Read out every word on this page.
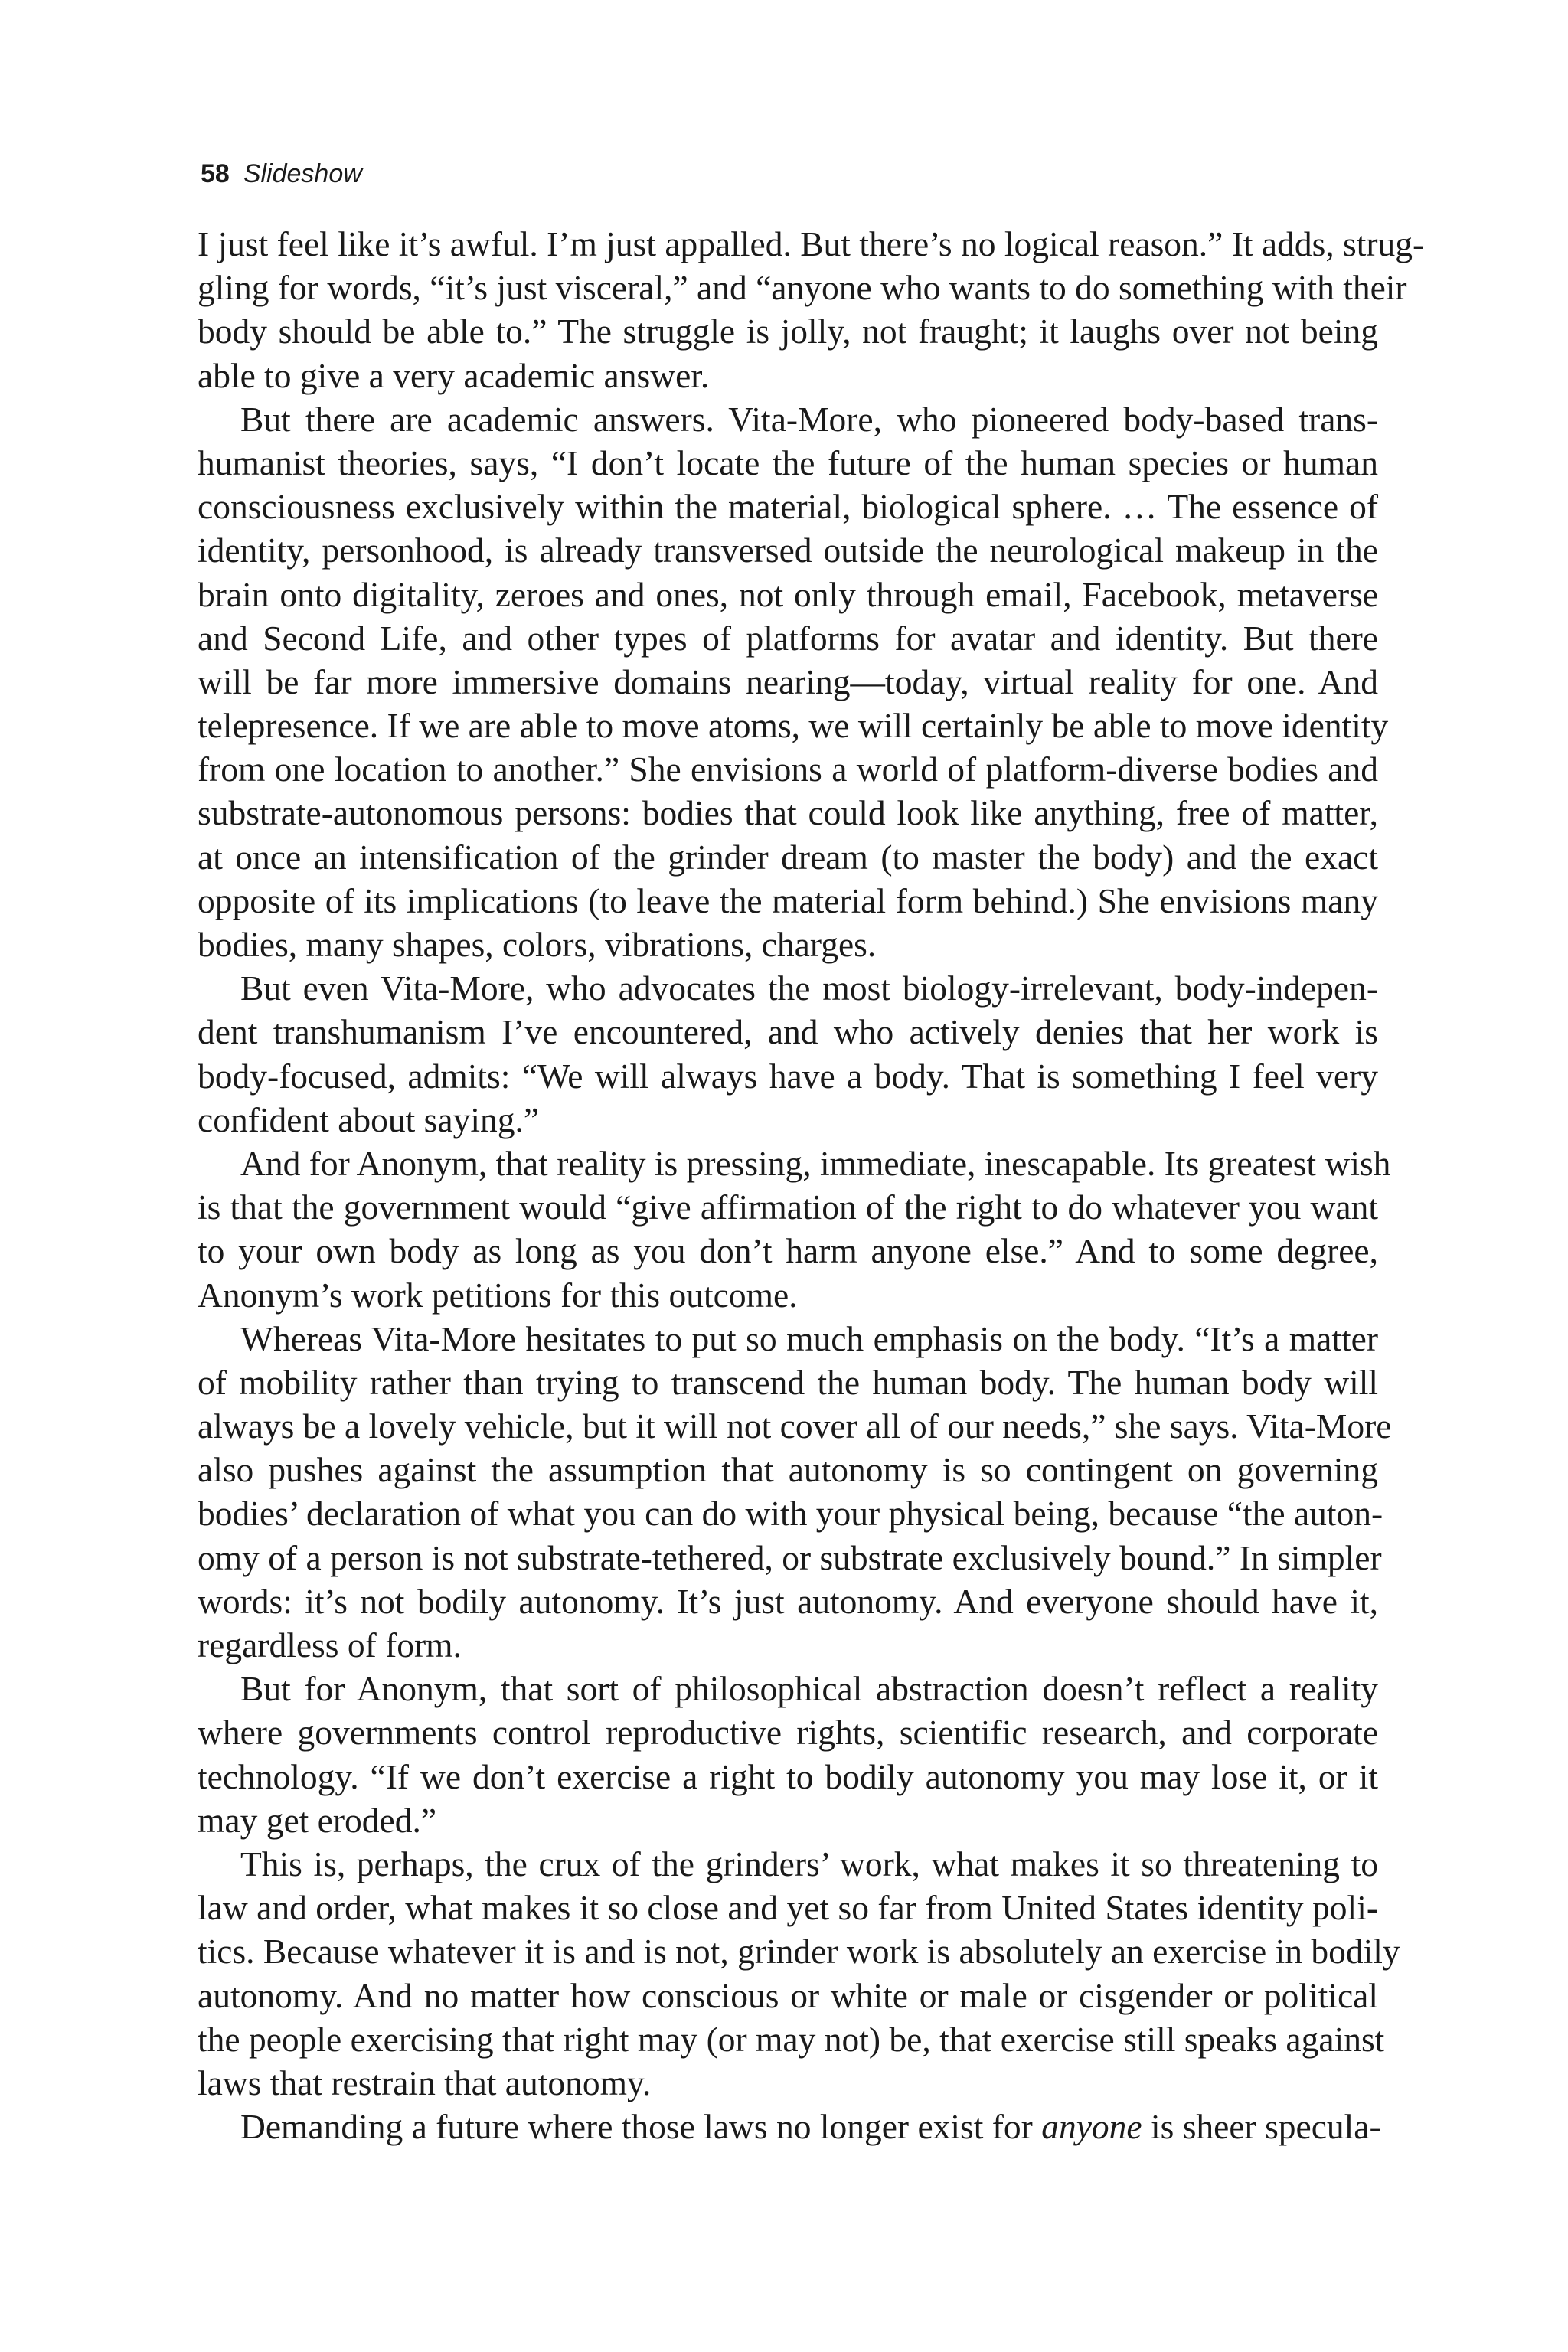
58 Slideshow
I just feel like it’s awful. I’m just appalled. But there’s no logical reason.” It adds, strug-
gling for words, “it’s just visceral,” and “anyone who wants to do something with their
body should be able to.” The struggle is jolly, not fraught; it laughs over not being
able to give a very academic answer.
But there are academic answers. Vita-More, who pioneered body-based trans-
humanist theories, says, “I don’t locate the future of the human species or human
consciousness exclusively within the material, biological sphere. … The essence of
identity, personhood, is already transversed outside the neurological makeup in the
brain onto digitality, zeroes and ones, not only through email, Facebook, metaverse
and Second Life, and other types of platforms for avatar and identity. But there
will be far more immersive domains nearing—today, virtual reality for one. And
telepresence. If we are able to move atoms, we will certainly be able to move identity
from one location to another.” She envisions a world of platform-diverse bodies and
substrate-autonomous persons: bodies that could look like anything, free of matter,
at once an intensification of the grinder dream (to master the body) and the exact
opposite of its implications (to leave the material form behind.) She envisions many
bodies, many shapes, colors, vibrations, charges.
But even Vita-More, who advocates the most biology-irrelevant, body-indepen-
dent transhumanism I’ve encountered, and who actively denies that her work is
body-focused, admits: “We will always have a body. That is something I feel very
confident about saying.”
And for Anonym, that reality is pressing, immediate, inescapable. Its greatest wish
is that the government would “give affirmation of the right to do whatever you want
to your own body as long as you don’t harm anyone else.” And to some degree,
Anonym’s work petitions for this outcome.
Whereas Vita-More hesitates to put so much emphasis on the body. “It’s a matter
of mobility rather than trying to transcend the human body. The human body will
always be a lovely vehicle, but it will not cover all of our needs,” she says. Vita-More
also pushes against the assumption that autonomy is so contingent on governing
bodies’ declaration of what you can do with your physical being, because “the auton-
omy of a person is not substrate-tethered, or substrate exclusively bound.” In simpler
words: it’s not bodily autonomy. It’s just autonomy. And everyone should have it,
regardless of form.
But for Anonym, that sort of philosophical abstraction doesn’t reflect a reality
where governments control reproductive rights, scientific research, and corporate
technology. “If we don’t exercise a right to bodily autonomy you may lose it, or it
may get eroded.”
This is, perhaps, the crux of the grinders’ work, what makes it so threatening to
law and order, what makes it so close and yet so far from United States identity poli-
tics. Because whatever it is and is not, grinder work is absolutely an exercise in bodily
autonomy. And no matter how conscious or white or male or cisgender or political
the people exercising that right may (or may not) be, that exercise still speaks against
laws that restrain that autonomy.
Demanding a future where those laws no longer exist for anyone is sheer specula-
